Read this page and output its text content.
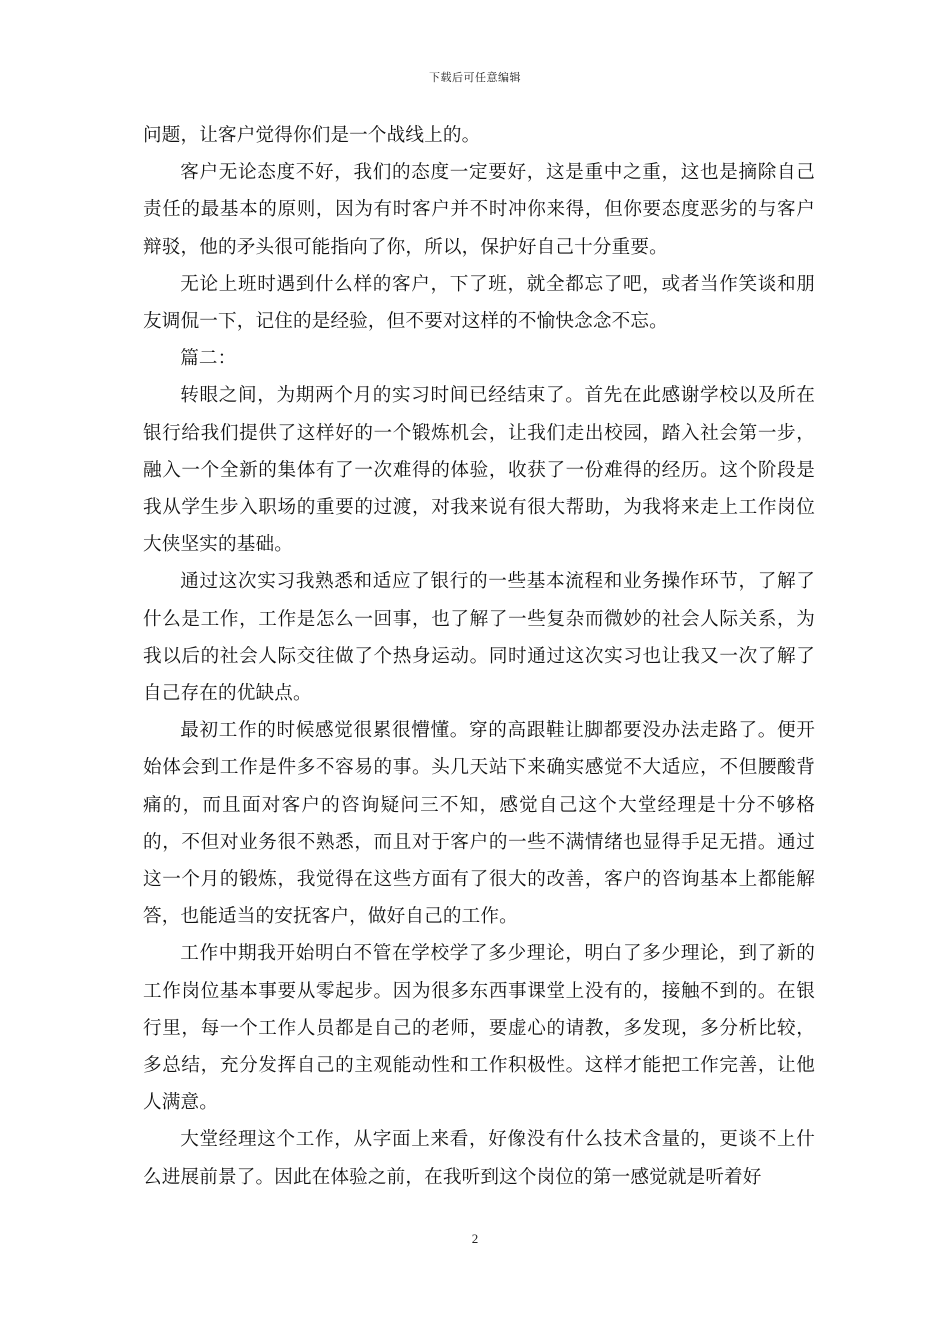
下载后可任意编辑

问题，让客户觉得你们是一个战线上的。

客户无论态度不好，我们的态度一定要好，这是重中之重，这也是摘除自己责任的最基本的原则，因为有时客户并不时冲你来得，但你要态度恶劣的与客户辩驳，他的矛头很可能指向了你，所以，保护好自己十分重要。

无论上班时遇到什么样的客户，下了班，就全都忘了吧，或者当作笑谈和朋友调侃一下，记住的是经验，但不要对这样的不愉快念念不忘。

篇二：

转眼之间，为期两个月的实习时间已经结束了。首先在此感谢学校以及所在银行给我们提供了这样好的一个锻炼机会，让我们走出校园，踏入社会第一步，融入一个全新的集体有了一次难得的体验，收获了一份难得的经历。这个阶段是我从学生步入职场的重要的过渡，对我来说有很大帮助，为我将来走上工作岗位大侠坚实的基础。

通过这次实习我熟悉和适应了银行的一些基本流程和业务操作环节，了解了什么是工作，工作是怎么一回事，也了解了一些复杂而微妙的社会人际关系，为我以后的社会人际交往做了个热身运动。同时通过这次实习也让我又一次了解了自己存在的优缺点。

最初工作的时候感觉很累很懵懂。穿的高跟鞋让脚都要没办法走路了。便开始体会到工作是件多不容易的事。头几天站下来确实感觉不大适应，不但腰酸背痛的，而且面对客户的咨询疑问三不知，感觉自己这个大堂经理是十分不够格的，不但对业务很不熟悉，而且对于客户的一些不满情绪也显得手足无措。通过这一个月的锻炼，我觉得在这些方面有了很大的改善，客户的咨询基本上都能解答，也能适当的安抚客户，做好自己的工作。

工作中期我开始明白不管在学校学了多少理论，明白了多少理论，到了新的工作岗位基本事要从零起步。因为很多东西事课堂上没有的，接触不到的。在银行里，每一个工作人员都是自己的老师，要虚心的请教，多发现，多分析比较，多总结，充分发挥自己的主观能动性和工作积极性。这样才能把工作完善，让他人满意。

大堂经理这个工作，从字面上来看，好像没有什么技术含量的，更谈不上什么进展前景了。因此在体验之前，在我听到这个岗位的第一感觉就是听着好

2
